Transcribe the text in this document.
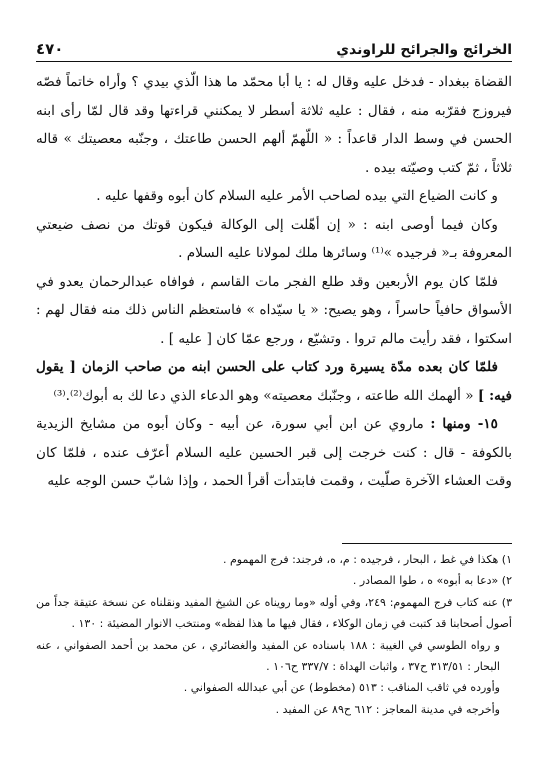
الخرائج والجرائح للراوندي
٤٧٠

القضاة ببغداد - فدخل عليه وقال له : يا أبا محمّد ما هذا الّذي بيدي ؟ وأراه خاتماً فصّه فيروزج فقرّبه منه ، فقال : عليه ثلاثة أسطر لا يمكنني قراءتها وقد قال لمّا رأى ابنه الحسن في وسط الدار قاعداً : « اللّهمّ ألهم الحسن طاعتك ، وجنّبه معصيتك » قاله ثلاثاً ، ثمّ كتب وصيّته بيده .

و كانت الضياع التي بيده لصاحب الأمر عليه السلام كان أبوه وقفها عليه .

وكان فيما أوصى ابنه : « إن أهّلت إلى الوكالة فيكون قوتك من نصف ضيعتي المعروفة بـ« فرجيده »⁽¹⁾ وسائرها ملك لمولانا عليه السلام .

فلمّا كان يوم الأربعين وقد طلع الفجر مات القاسم ، فوافاه عبدالرحمان يعدو في الأسواق حافياً حاسراً ، وهو يصيح: « يا سيّداه » فاستعظم الناس ذلك منه فقال لهم : اسكتوا ، فقد رأيت مالم تروا . وتشيّع ، ورجع عمّا كان [ عليه ] .

فلمّا كان بعده مدّة يسيرة ورد كتاب على الحسن ابنه من صاحب الزمان [ يقول فيه: ] « ألهمك الله طاعته ، وجنّبك معصيته» وهو الدعاء الذي دعا لك به أبوك⁽²⁾.⁽³⁾

١٥- ومنها : ماروي عن ابن أبي سورة، عن أبيه - وكان أبوه من مشايخ الزيدية بالكوفة - قال : كنت خرجت إلى قبر الحسين عليه السلام أعرّف عنده ، فلمّا كان وقت العشاء الآخرة صلّيت ، وقمت فابتدأت أقرأ الحمد ، وإذا شابّ حسن الوجه عليه

١) هكذا في غط ، البحار ، فرجيده : م، ه، فرجند: فرج المهموم .

٢) «دعا به أبوه» ه ، طوا المصادر .

٣) عنه كتاب فرج المهموم: ٢٤٩، وفي أوله «وما رويناه عن الشيخ المفيد ونقلناه عن نسخة عتيقة جداً من أصول أصحابنا قد كتبت في زمان الوكلاء ، فقال فيها ما هذا لفظه» ومنتخب الانوار المضيئة : ١٣٠ .

و رواه الطوسي في الغيبة : ١٨٨ باسناده عن المفيد والغضائري ، عن محمد بن أحمد الصفواني ، عنه البحار : ٣١٣/٥١ ح٣٧ ، واثبات الهداة : ٣٣٧/٧ ح١٠٦ .

وأورده في ثاقب المناقب : ٥١٣ (مخطوط) عن أبي عبدالله الصفواني .

وأخرجه في مدينة المعاجز : ٦١٢ ح٨٩ عن المفيد .
